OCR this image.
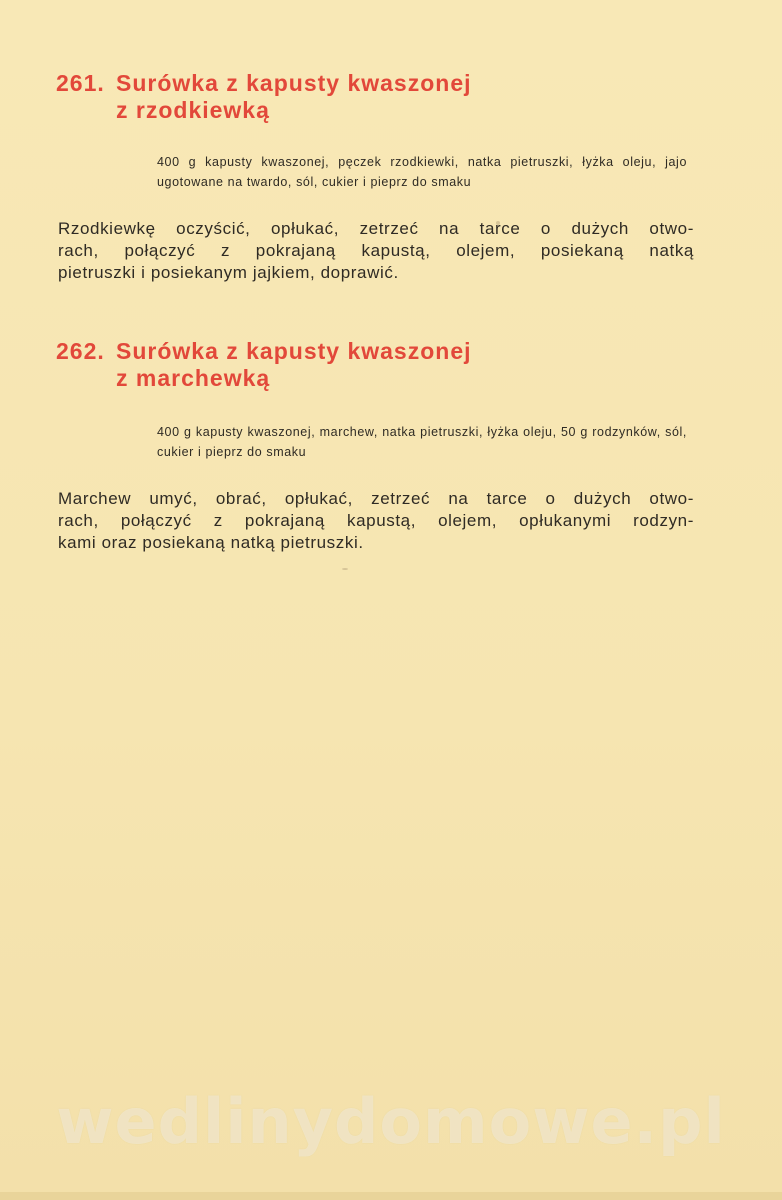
261. Surówka z kapusty kwaszonej
z rzodkiewką

400 g kapusty kwaszonej, pęczek rzodkiewki, natka pietruszki, łyżka oleju, jajo ugotowane na twardo, sól, cukier i pieprz do smaku

Rzodkiewkę oczyścić, opłukać, zetrzeć na tarce o dużych otwo-
rach, połączyć z pokrajaną kapustą, olejem, posiekaną natką
pietruszki i posiekanym jajkiem, doprawić.

262. Surówka z kapusty kwaszonej
z marchewką

400 g kapusty kwaszonej, marchew, natka pietruszki, łyżka oleju, 50 g rodzynków, sól, cukier i pieprz do smaku

Marchew umyć, obrać, opłukać, zetrzeć na tarce o dużych otwo-
rach, połączyć z pokrajaną kapustą, olejem, opłukanymi rodzyn-
kami oraz posiekaną natką pietruszki.

wedlinydomowe.pl
